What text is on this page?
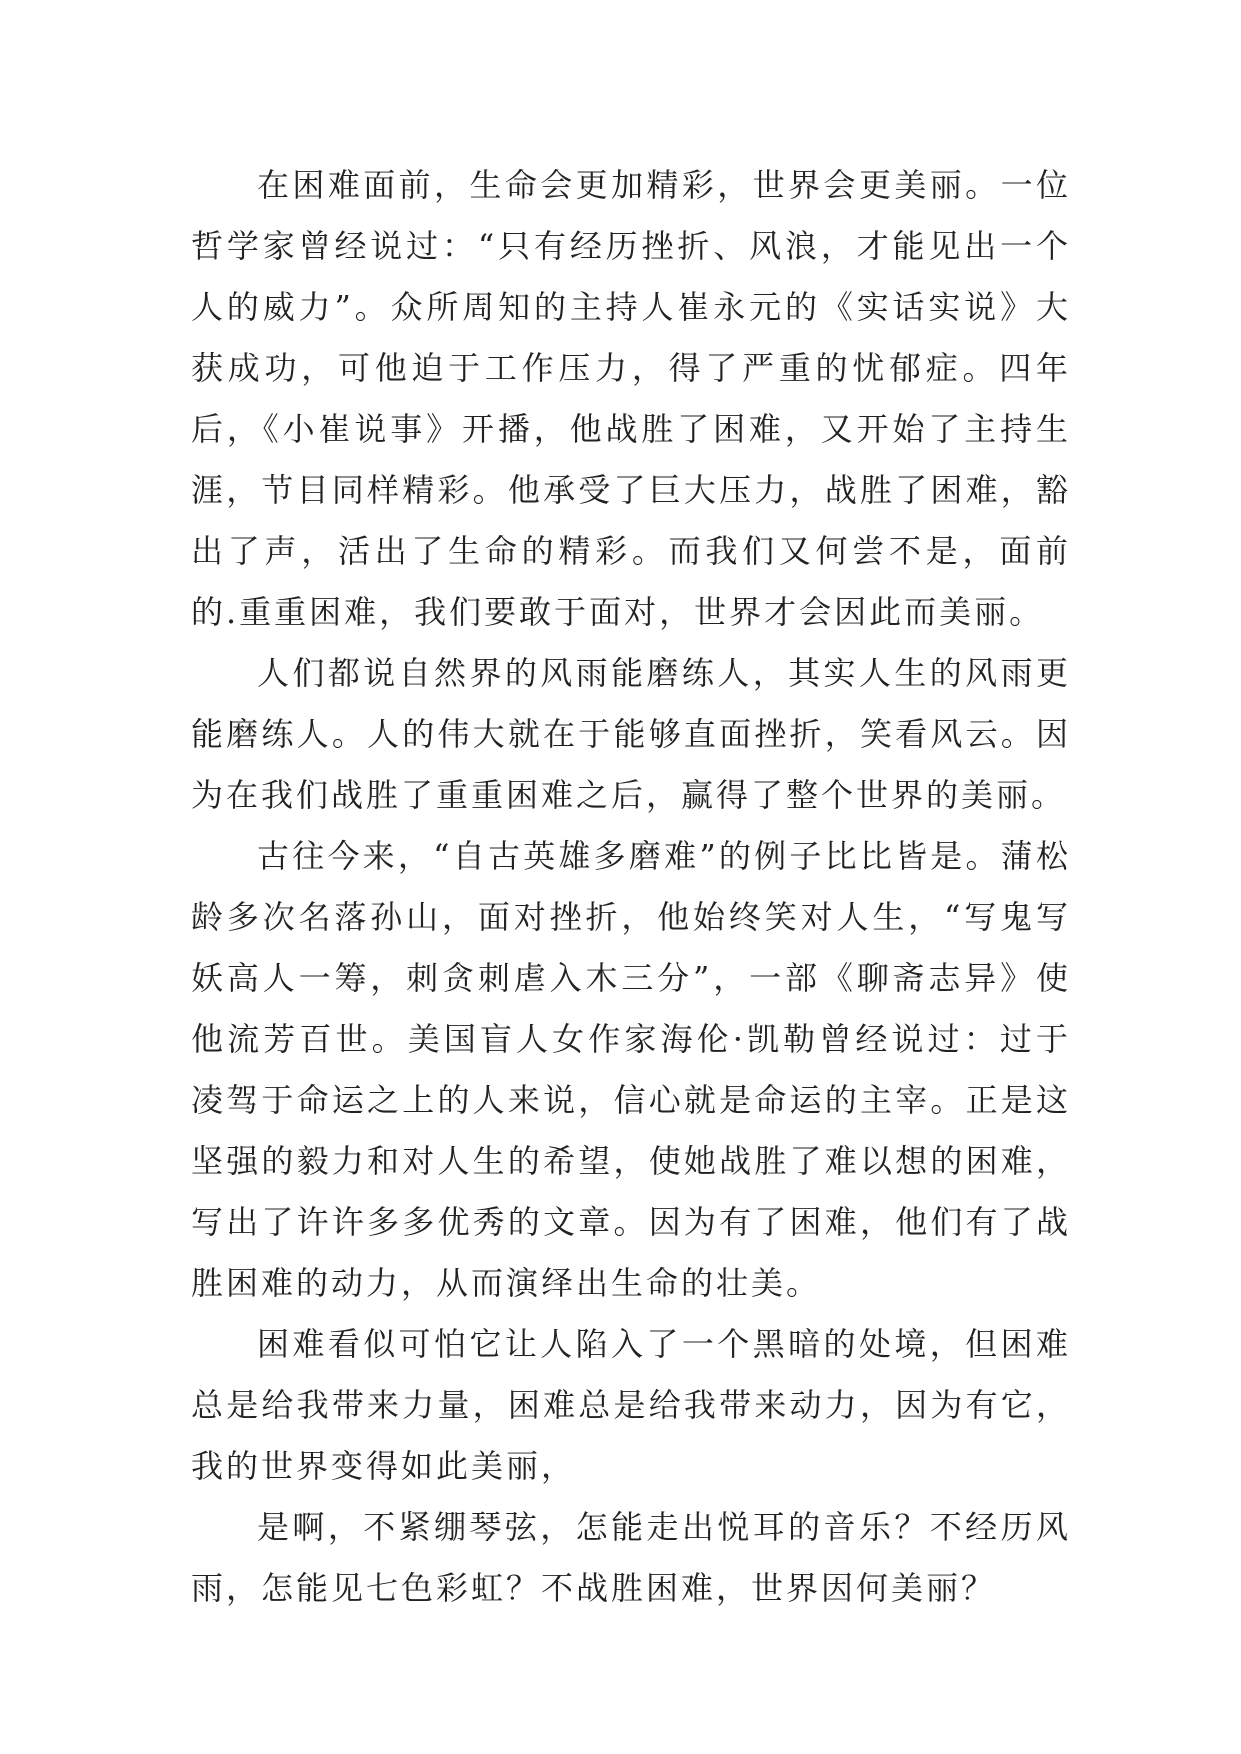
在困难面前，生命会更加精彩，世界会更美丽。一位哲学家曾经说过：“只有经历挫折、风浪，才能见出一个人的威力”。众所周知的主持人崔永元的《实话实说》大获成功，可他迫于工作压力，得了严重的忧郁症。四年后，《小崔说事》开播，他战胜了困难，又开始了主持生涯，节目同样精彩。他承受了巨大压力，战胜了困难，豁出了声，活出了生命的精彩。而我们又何尝不是，面前的.重重困难，我们要敢于面对，世界才会因此而美丽。

人们都说自然界的风雨能磨练人，其实人生的风雨更能磨练人。人的伟大就在于能够直面挫折，笑看风云。因为在我们战胜了重重困难之后，赢得了整个世界的美丽。

古往今来，“自古英雄多磨难”的例子比比皆是。蒲松龄多次名落孙山，面对挫折，他始终笑对人生，“写鬼写妖高人一筹，刺贪刺虐入木三分”，一部《聊斋志异》使他流芳百世。美国盲人女作家海伦·凯勒曾经说过：过于凌驾于命运之上的人来说，信心就是命运的主宰。正是这坚强的毅力和对人生的希望，使她战胜了难以想的困难，写出了许许多多优秀的文章。因为有了困难，他们有了战胜困难的动力，从而演绎出生命的壮美。

困难看似可怕它让人陷入了一个黑暗的处境，但困难总是给我带来力量，困难总是给我带来动力，因为有它，我的世界变得如此美丽，

是啊，不紧绷琴弦，怎能走出悦耳的音乐？不经历风雨，怎能见七色彩虹？不战胜困难，世界因何美丽？
